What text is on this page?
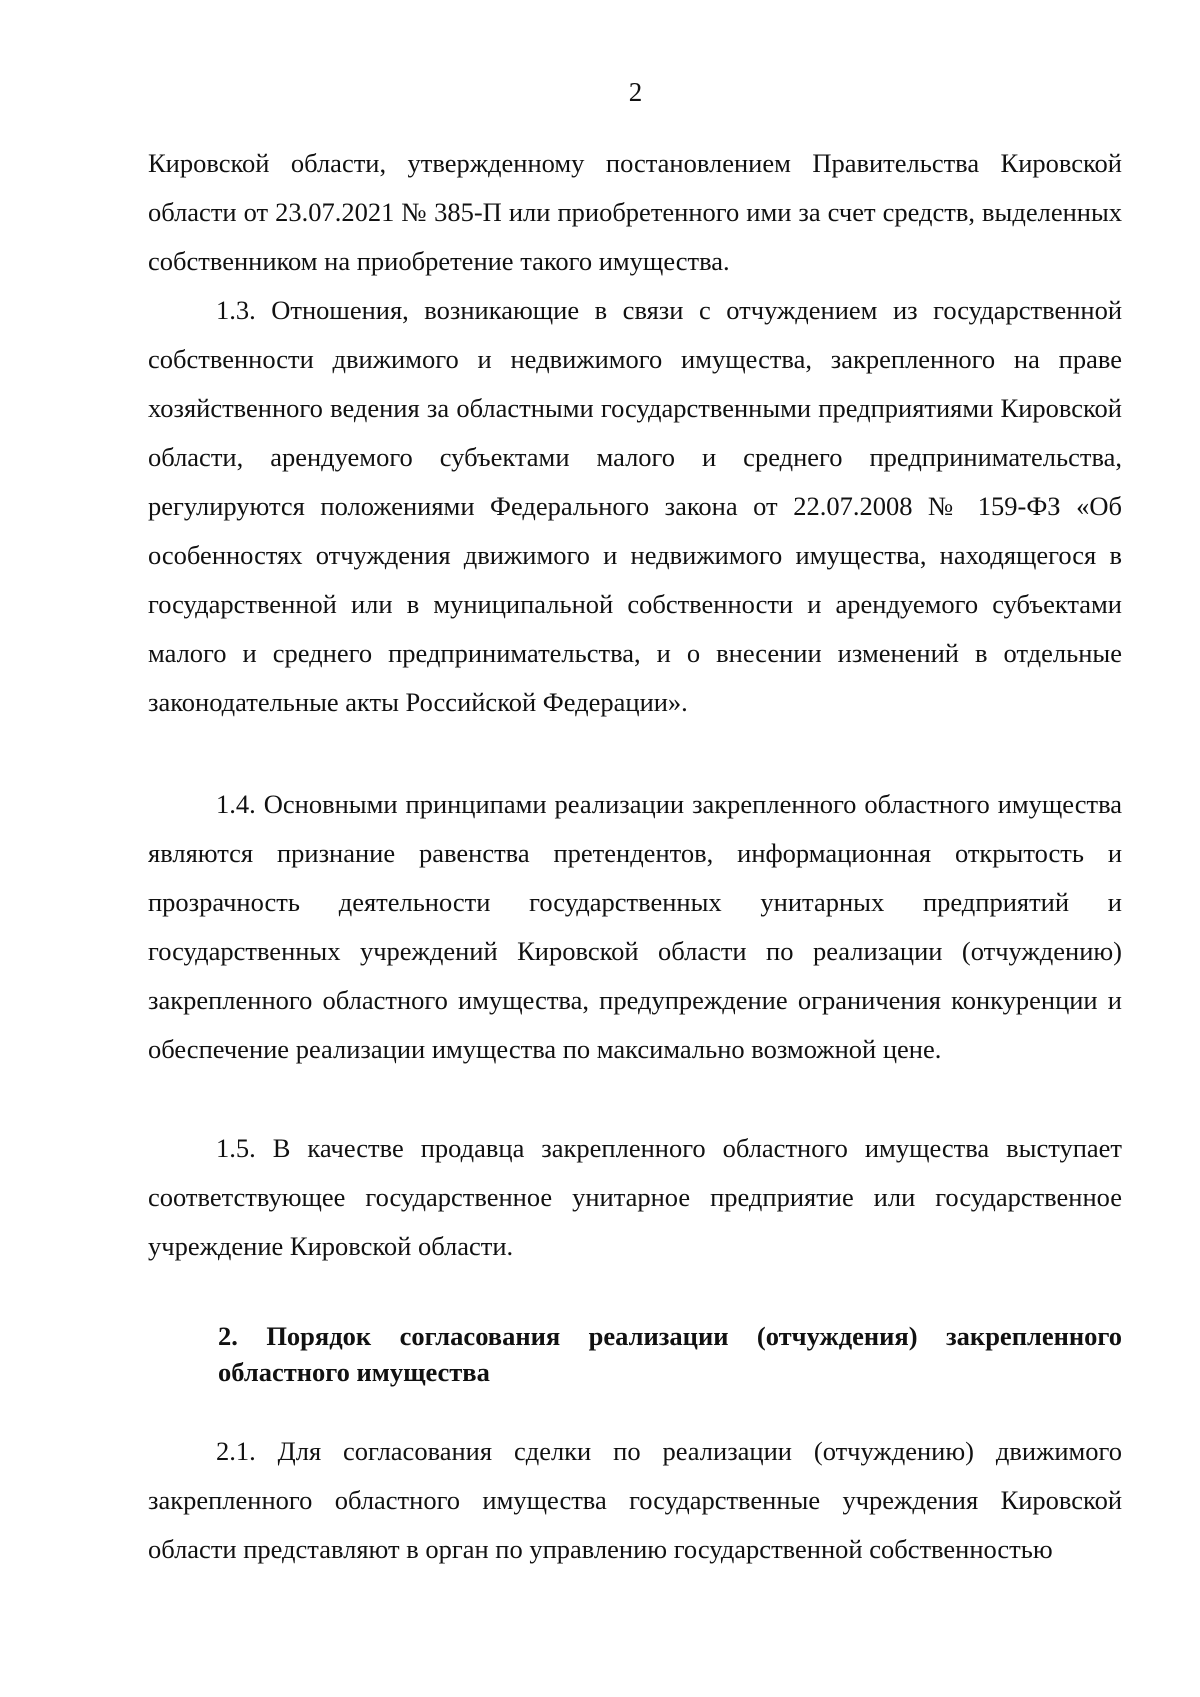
2

Кировской области, утвержденному постановлением Правительства Кировской области от 23.07.2021 № 385-П или приобретенного ими за счет средств, выделенных собственником на приобретение такого имущества.

1.3. Отношения, возникающие в связи с отчуждением из государственной собственности движимого и недвижимого имущества, закрепленного на праве хозяйственного ведения за областными государственными предприятиями Кировской области, арендуемого субъектами малого и среднего предпринимательства, регулируются положениями Федерального закона от 22.07.2008 № 159-ФЗ «Об особенностях отчуждения движимого и недвижимого имущества, находящегося в государственной или в муниципальной собственности и арендуемого субъектами малого и среднего предпринимательства, и о внесении изменений в отдельные законодательные акты Российской Федерации».

1.4. Основными принципами реализации закрепленного областного имущества являются признание равенства претендентов, информационная открытость и прозрачность деятельности государственных унитарных предприятий и государственных учреждений Кировской области по реализации (отчуждению) закрепленного областного имущества, предупреждение ограничения конкуренции и обеспечение реализации имущества по максимально возможной цене.

1.5. В качестве продавца закрепленного областного имущества выступает соответствующее государственное унитарное предприятие или государственное учреждение Кировской области.

2. Порядок согласования реализации (отчуждения) закрепленного областного имущества

2.1. Для согласования сделки по реализации (отчуждению) движимого закрепленного областного имущества государственные учреждения Кировской области представляют в орган по управлению государственной собственностью
